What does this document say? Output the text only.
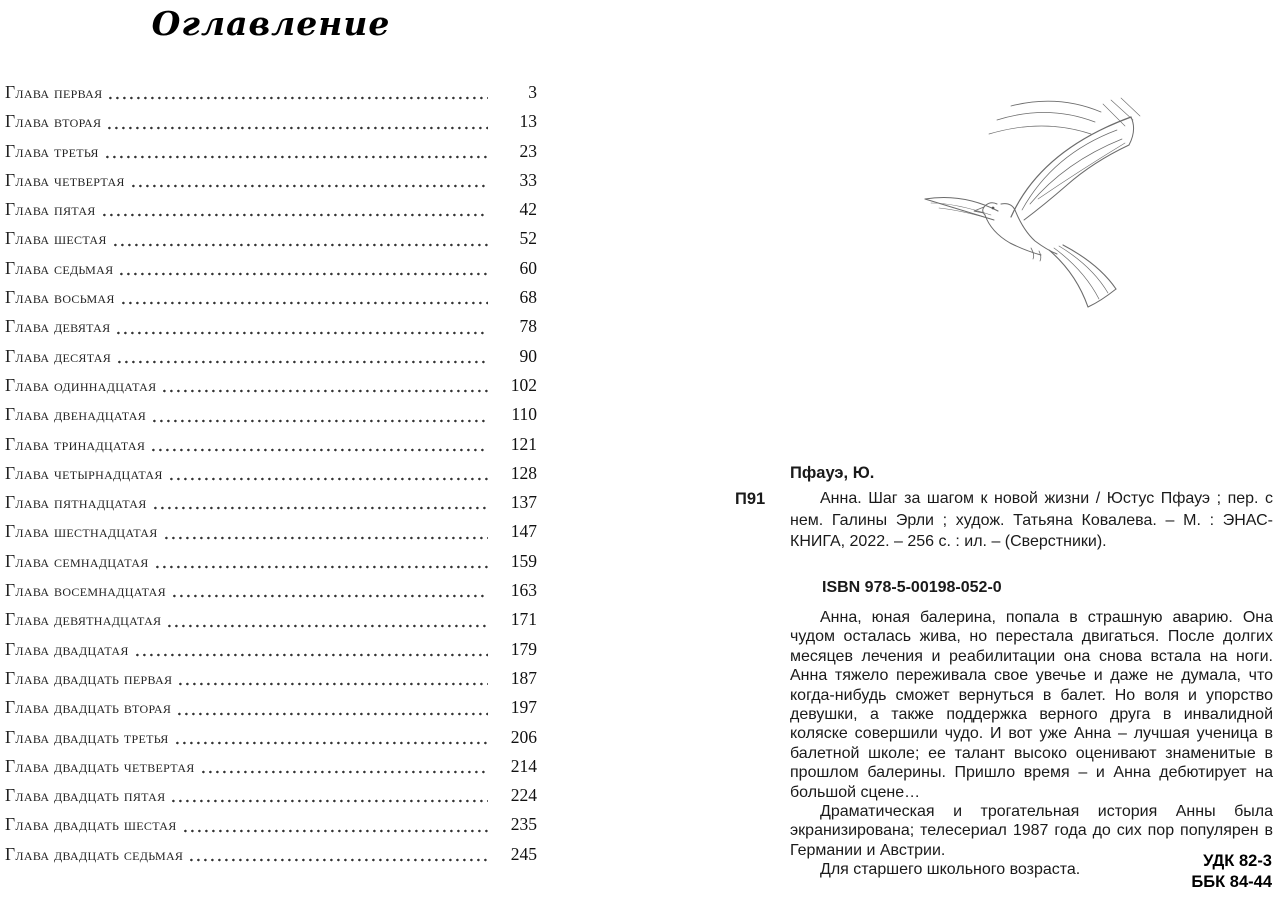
Оглавление
Глава первая	3
Глава вторая	13
Глава третья	23
Глава четвертая	33
Глава пятая	42
Глава шестая	52
Глава седьмая	60
Глава восьмая	68
Глава девятая	78
Глава десятая	90
Глава одиннадцатая	102
Глава двенадцатая	110
Глава тринадцатая	121
Глава четырнадцатая	128
Глава пятнадцатая	137
Глава шестнадцатая	147
Глава семнадцатая	159
Глава восемнадцатая	163
Глава девятнадцатая	171
Глава двадцатая	179
Глава двадцать первая	187
Глава двадцать вторая	197
Глава двадцать третья	206
Глава двадцать четвертая	214
Глава двадцать пятая	224
Глава двадцать шестая	235
Глава двадцать седьмая	245
Пфауэ, Ю.
П91	Анна. Шаг за шагом к новой жизни / Юстус Пфауэ ; пер. с нем. Галины Эрли ; худож. Татьяна Ковалева. – М. : ЭНАС-КНИГА, 2022. – 256 с. : ил. – (Сверстники).

ISBN 978-5-00198-052-0

Анна, юная балерина, попала в страшную аварию. Она чудом осталась жива, но перестала двигаться. После долгих месяцев лечения и реабилитации она снова встала на ноги. Анна тяжело переживала свое увечье и даже не думала, что когда-нибудь сможет вернуться в балет. Но воля и упорство девушки, а также поддержка верного друга в инвалидной коляске совершили чудо. И вот уже Анна – лучшая ученица в балетной школе; ее талант высоко оценивают знаменитые в прошлом балерины. Пришло время – и Анна дебютирует на большой сцене…

Драматическая и трогательная история Анны была экранизирована; телесериал 1987 года до сих пор популярен в Германии и Австрии.

Для старшего школьного возраста.	УДК 82-3
ББК 84-44
